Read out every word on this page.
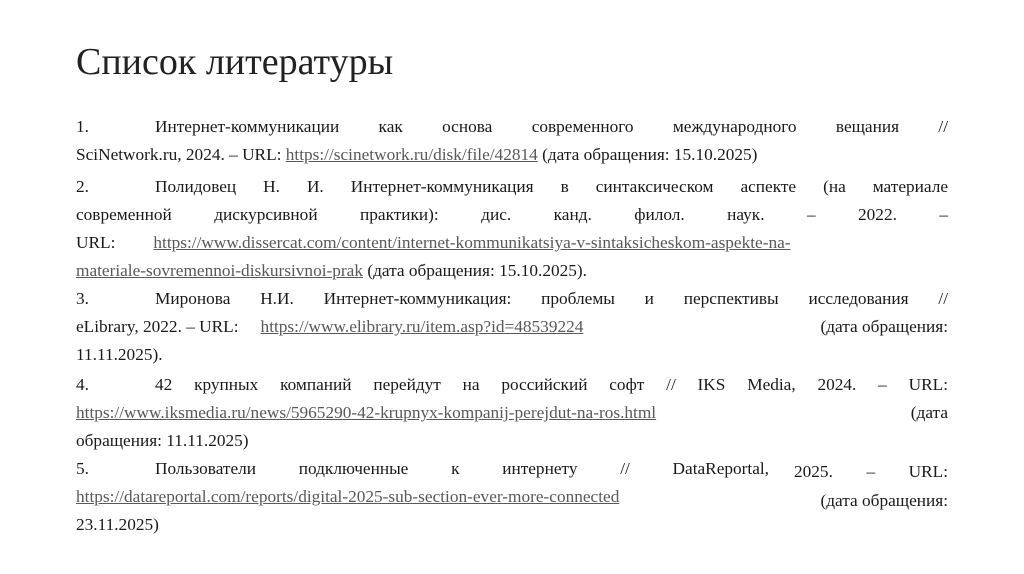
Список литературы
1.	Интернет-коммуникации как основа современного международного вещания //
SciNetwork.ru, 2024. – URL: https://scinetwork.ru/disk/file/42814 (дата обращения: 15.10.2025)
2.	Полидовец Н. И. Интернет-коммуникация в синтаксическом аспекте (на материале
современной дискурсивной практики): дис. канд. филол. наук. – 2022. –
URL: https://www.dissercat.com/content/internet-kommunikatsiya-v-sintaksicheskom-aspekte-na-
materiale-sovremennoi-diskursivnoi-prak (дата обращения: 15.10.2025).
3.	Миронова Н.И. Интернет-коммуникация: проблемы и перспективы исследования //
eLibrary, 2022. – URL: https://www.elibrary.ru/item.asp?id=48539224	(дата обращения:
11.11.2025).
4.	42 крупных компаний перейдут на российский софт // IKS Media, 2024. – URL:
https://www.iksmedia.ru/news/5965290-42-krupnyx-kompanij-perejdut-na-ros.html	(дата
обращения: 11.11.2025)
5.	Пользователи подключенные к интернету // DataReportal, 2025. – URL:
https://datareportal.com/reports/digital-2025-sub-section-ever-more-connected	(дата обращения:
23.11.2025)
